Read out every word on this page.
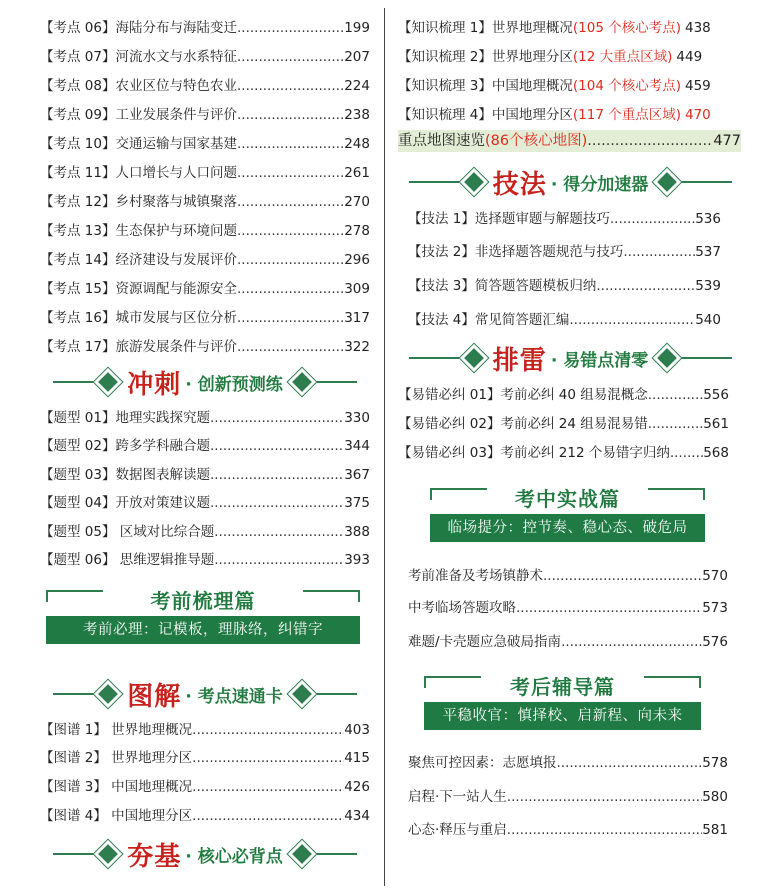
【考点 06】海陆分布与海陆变迁 .....	199
【考点 07】河流水文与水系特征 .....	207
【考点 08】农业区位与特色农业 .....	224
【考点 09】工业发展条件与评价 .....	238
【考点 10】交通运输与国家基建 .....	248
【考点 11】人口增长与人口问题 .....	261
【考点 12】乡村聚落与城镇聚落 .....	270
【考点 13】生态保护与环境问题 .....	278
【考点 14】经济建设与发展评价 .....	296
【考点 15】资源调配与能源安全 .....	309
【考点 16】城市发展与区位分析 .....	317
【考点 17】旅游发展条件与评价 .....	322
冲刺 · 创新预测练
【题型 01】地理实践探究题 .....	330
【题型 02】跨多学科融合题 .....	344
【题型 03】数据图表解读题 .....	367
【题型 04】开放对策建议题 .....	375
【题型 05】 区域对比综合题 .....	388
【题型 06】 思维逻辑推导题 .....	393
考前梳理篇
考前必理：记模板，理脉络，纠错字
图解 · 考点速通卡
【图谱 1】 世界地理概况 .....	403
【图谱 2】 世界地理分区 .....	415
【图谱 3】 中国地理概况 .....	426
【图谱 4】 中国地理分区 .....	434
夯基 · 核心必背点
【知识梳理 1】世界地理概况 (105 个核心考点) 438
【知识梳理 2】世界地理分区 (12 大重点区域) 449
【知识梳理 3】中国地理概况 (104 个核心考点) 459
【知识梳理 4】中国地理分区 (117 个重点区域) 470
重点地图速览 (86个核心地图) .....	477
技法 · 得分加速器
【技法 1】选择题审题与解题技巧 .....	536
【技法 2】非选择题答题规范与技巧 .....	537
【技法 3】简答题答题模板归纳 .....	539
【技法 4】常见简答题汇编 .....	540
排雷 · 易错点清零
【易错必纠 01】考前必纠 40 组易混概念 .....	556
【易错必纠 02】考前必纠 24 组易混易错 .....	561
【易错必纠 03】考前必纠 212 个易错字归纳 ..... 568
考中实战篇
临场提分：控节奏、稳心态、破危局
考前准备及考场镇静术 .....	570
中考临场答题攻略 .....	573
难题/卡壳题应急破局指南 .....	576
考后辅导篇
平稳收官：慎择校、启新程、向未来
聚焦可控因素：志愿填报 .....	578
启程·下一站人生 .....	580
心态·释压与重启 .....	581
